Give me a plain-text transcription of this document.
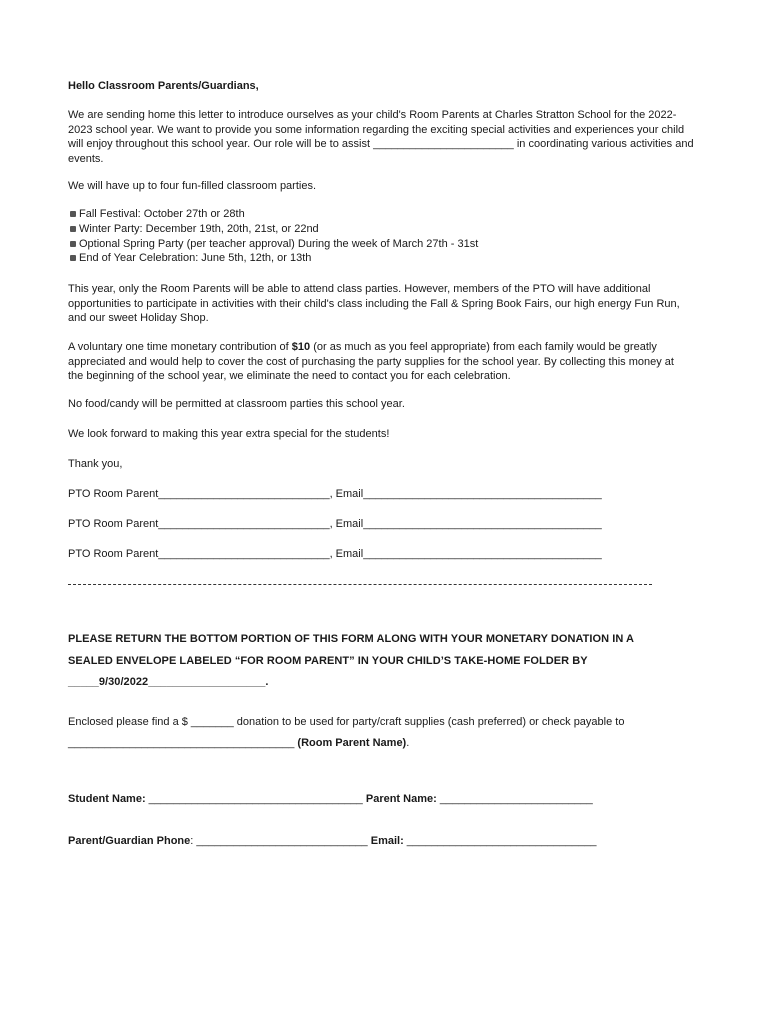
Hello Classroom Parents/Guardians,
We are sending home this letter to introduce ourselves as your child's Room Parents at Charles Stratton School for the 2022-2023 school year. We want to provide you some information regarding the exciting special activities and experiences your child will enjoy throughout this school year. Our role will be to assist _______________________ in coordinating various activities and events.
We will have up to four fun-filled classroom parties.
Fall Festival: October 27th or 28th
Winter Party: December 19th, 20th, 21st, or 22nd
Optional Spring Party (per teacher approval) During the week of March 27th - 31st
End of Year Celebration: June 5th, 12th, or 13th
This year, only the Room Parents will be able to attend class parties. However, members of the PTO will have additional opportunities to participate in activities with their child's class including the Fall & Spring Book Fairs, our high energy Fun Run, and our sweet Holiday Shop.
A voluntary one time monetary contribution of $10 (or as much as you feel appropriate) from each family would be greatly appreciated and would help to cover the cost of purchasing the party supplies for the school year. By collecting this money at the beginning of the school year, we eliminate the need to contact you for each celebration.
No food/candy will be permitted at classroom parties this school year.
We look forward to making this year extra special for the students!
Thank you,
PTO Room Parent____________________________, Email_______________________________________
PTO Room Parent____________________________, Email_______________________________________
PTO Room Parent____________________________, Email_______________________________________
PLEASE RETURN THE BOTTOM PORTION OF THIS FORM ALONG WITH YOUR MONETARY DONATION IN A
SEALED ENVELOPE LABELED “FOR ROOM PARENT” IN YOUR CHILD’S TAKE-HOME FOLDER BY
_____9/30/2022___________________.
Enclosed please find a $ _______ donation to be used for party/craft supplies (cash preferred) or check payable to
_____________________________________ (Room Parent Name).
Student Name: ___________________________________ Parent Name: _________________________
Parent/Guardian Phone: ____________________________ Email: _______________________________
